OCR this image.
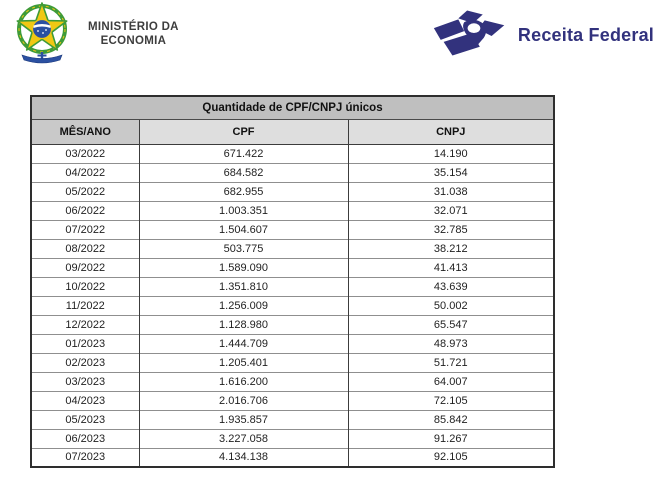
MINISTÉRIO DA
ECONOMIA	Receita Federal
Quantidade de CPF/CNPJ únicos		
MÊS/ANO	CPF	CNPJ
03/2022	671.422	14.190
04/2022	684.582	35.154
05/2022	682.955	31.038
06/2022	1.003.351	32.071
07/2022	1.504.607	32.785
08/2022	503.775	38.212
09/2022	1.589.090	41.413
10/2022	1.351.810	43.639
11/2022	1.256.009	50.002
12/2022	1.128.980	65.547
01/2023	1.444.709	48.973
02/2023	1.205.401	51.721
03/2023	1.616.200	64.007
04/2023	2.016.706	72.105
05/2023	1.935.857	85.842
06/2023	3.227.058	91.267
07/2023	4.134.138	92.105
